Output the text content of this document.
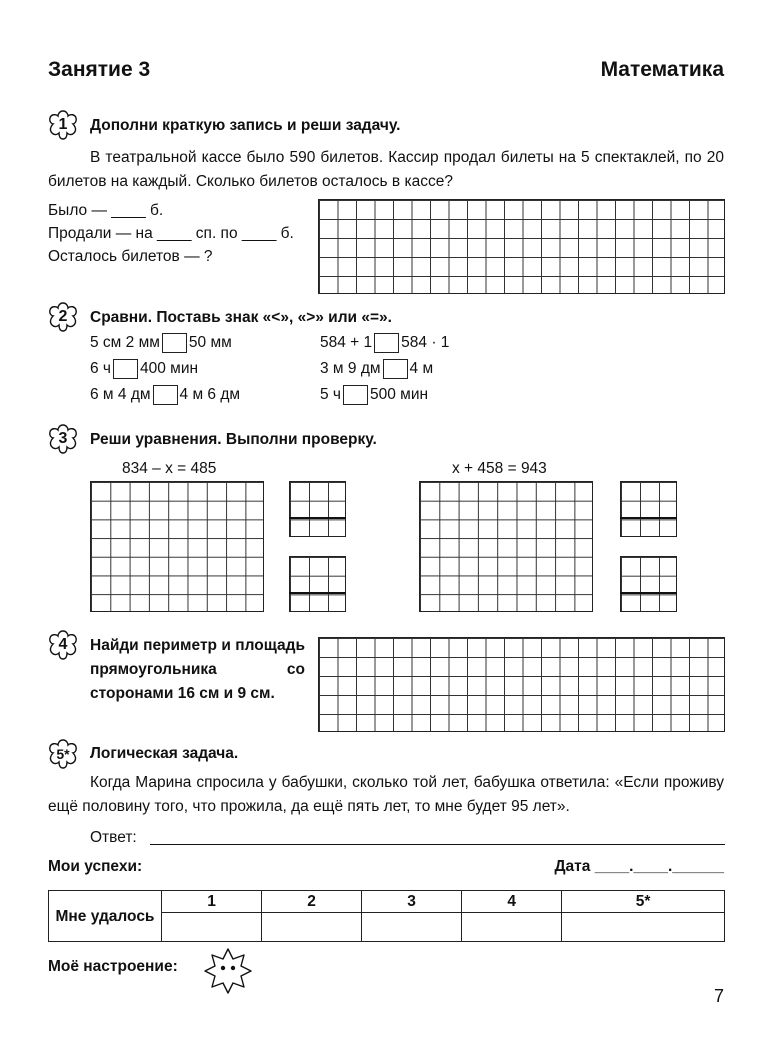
Занятие 3	Математика
1	Дополни краткую запись и реши задачу.
В театральной кассе было 590 билетов. Кассир продал билеты на 5 спектаклей, по 20 билетов на каждый. Сколько билетов осталось в кассе?
Было — ____ б.
Продали — на ____ сп. по ____ б.
Осталось билетов — ?
2	Сравни. Поставь знак «<», «>» или «=».
5 см 2 мм 50 мм
6 ч 400 мин
6 м 4 дм 4 м 6 дм
584 + 1 584 · 1
3 м 9 дм 4 м
5 ч 500 мин
3	Реши уравнения. Выполни проверку.
834 – x = 485	x + 458 = 943
4	Найди периметр и площадь прямоугольника со сторонами 16 см и 9 см.
5*	Логическая задача.
Когда Марина спросила у бабушки, сколько той лет, бабушка ответила: «Если проживу ещё половину того, что прожила, да ещё пять лет, то мне будет 95 лет».
Ответ:
Мои успехи:	Дата ____.____.______
Мне удалось	1	2	3	4	5*

Моё настроение:
7
